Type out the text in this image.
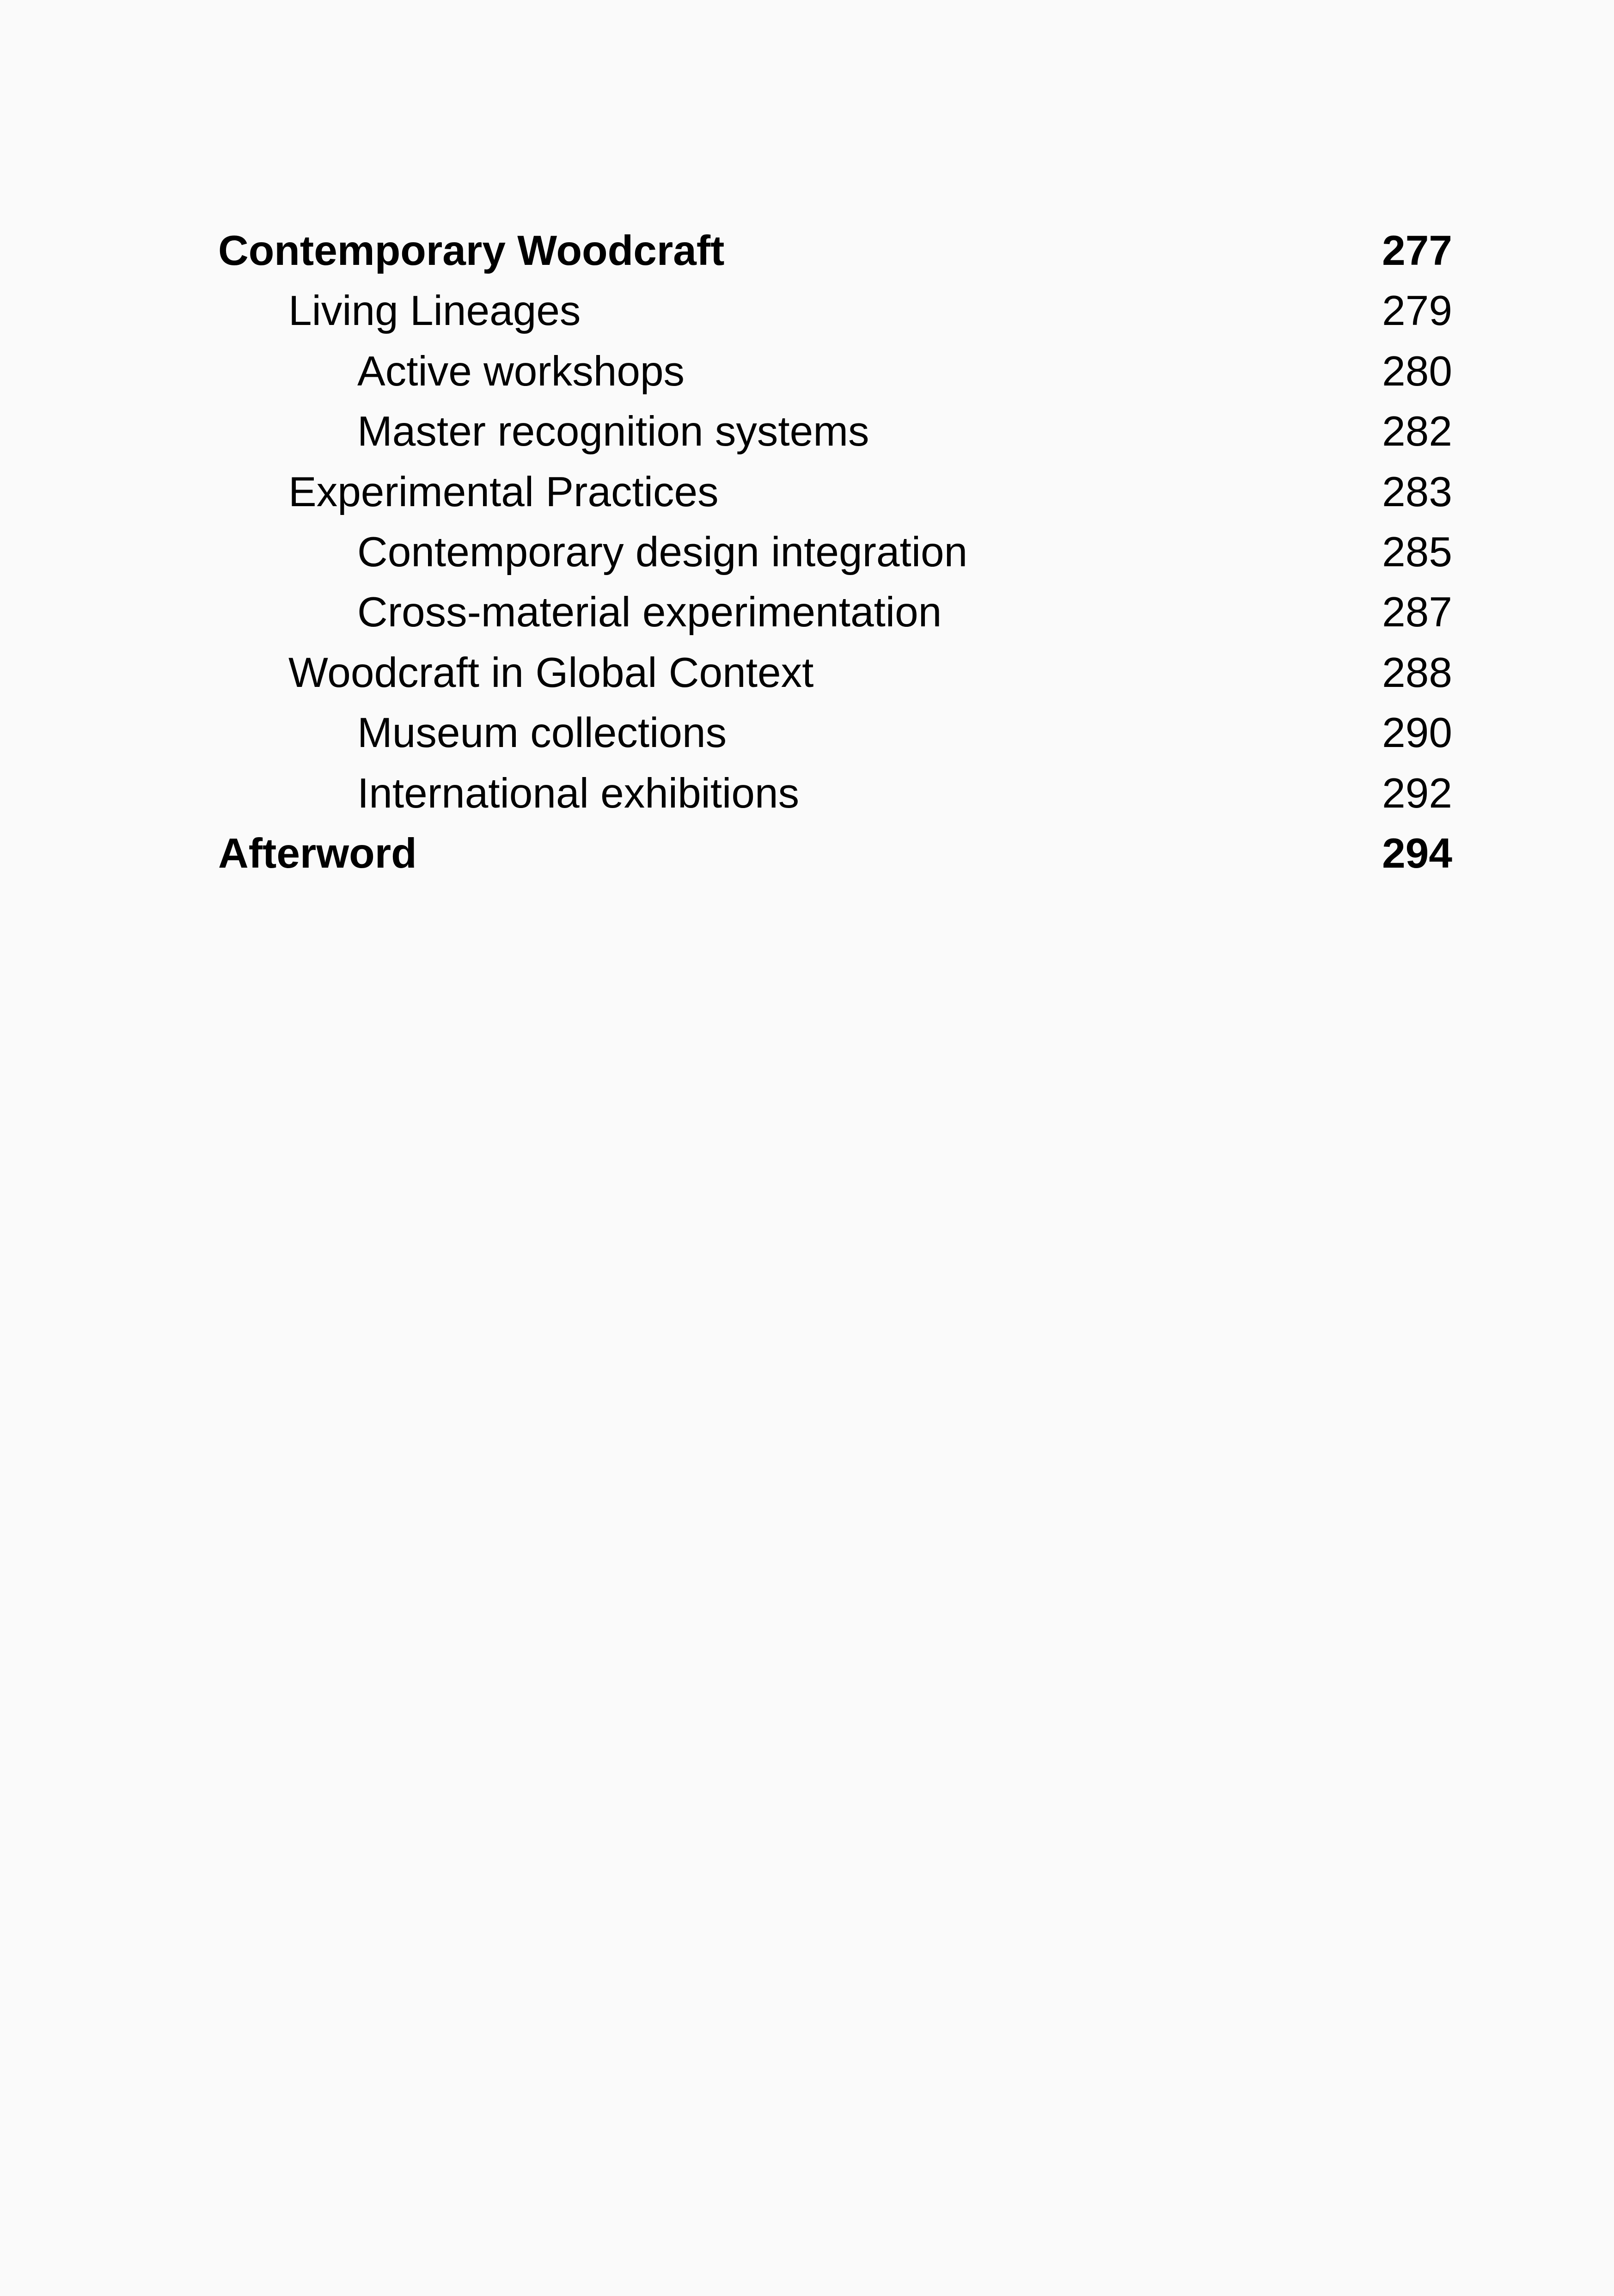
Contemporary Woodcraft	277
Living Lineages	279
Active workshops	280
Master recognition systems	282
Experimental Practices	283
Contemporary design integration	285
Cross-material experimentation	287
Woodcraft in Global Context	288
Museum collections	290
International exhibitions	292
Afterword	294
